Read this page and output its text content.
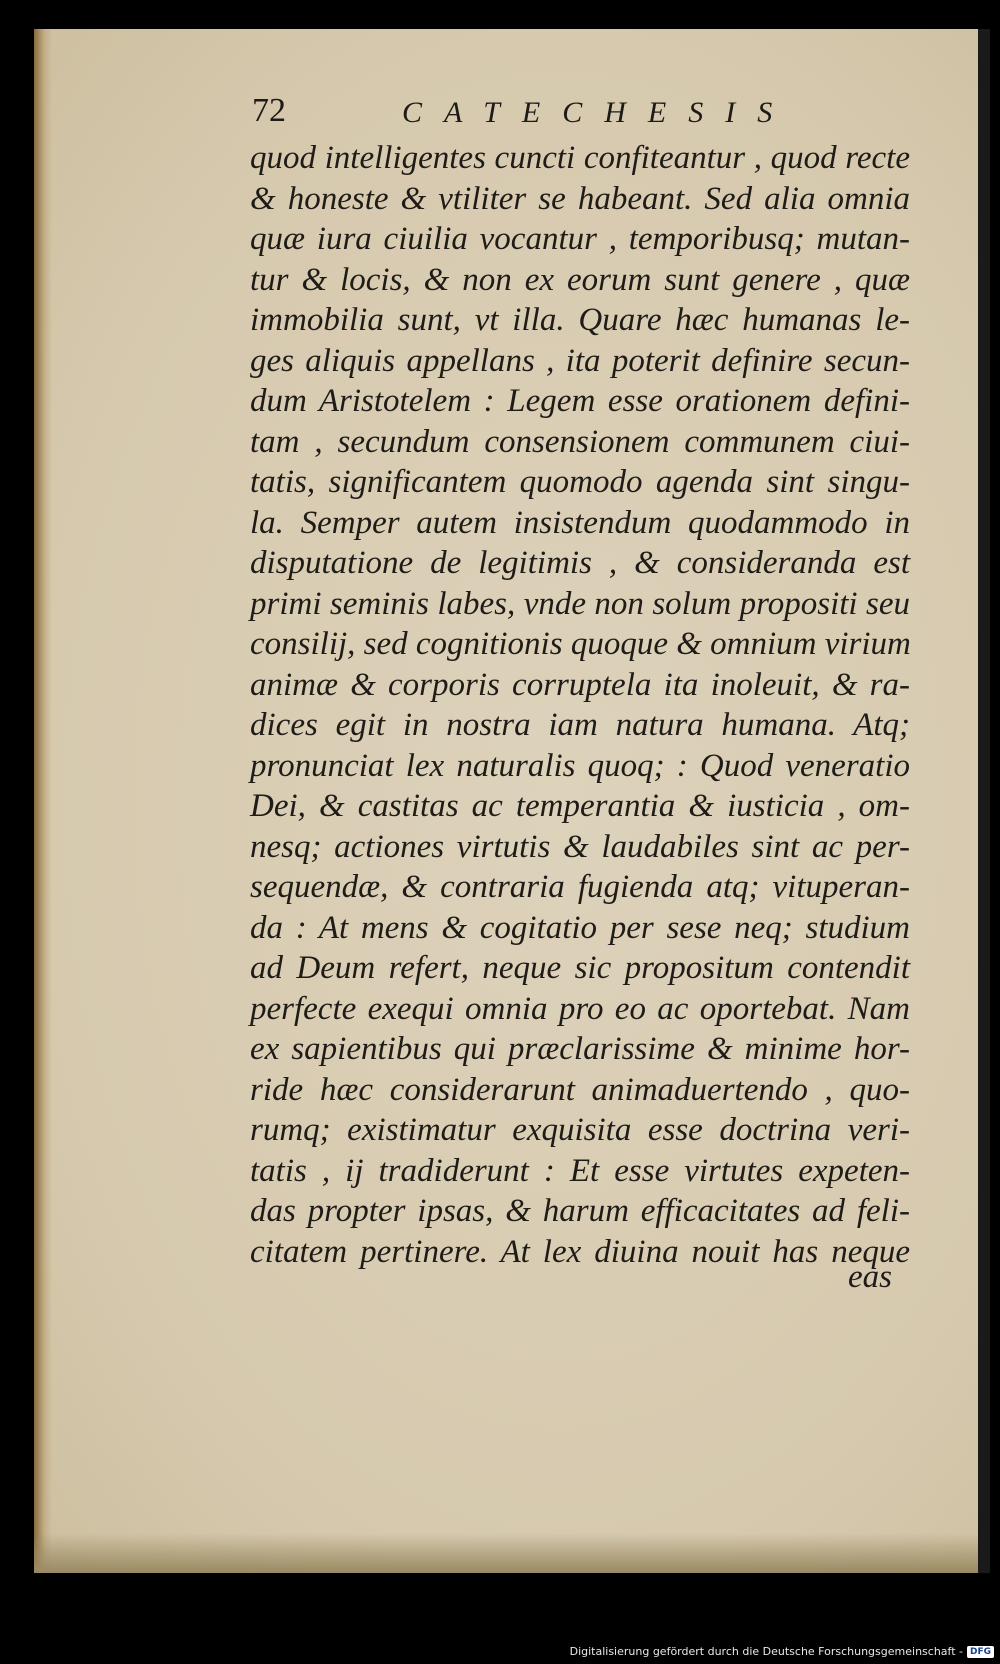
72	CATECHESIS
quod intelligentes cuncti confiteantur , quod recte
& honeste & vtiliter se habeant. Sed alia omnia
quæ iura ciuilia vocantur , temporibusq; mutan-
tur & locis, & non ex eorum sunt genere , quæ
immobilia sunt, vt illa. Quare hæc humanas le-
ges aliquis appellans , ita poterit definire secun-
dum Aristotelem : Legem esse orationem defini-
tam , secundum consensionem communem ciui-
tatis, significantem quomodo agenda sint singu-
la. Semper autem insistendum quodammodo in
disputatione de legitimis , & consideranda est
primi seminis labes, vnde non solum propositi seu
consilij, sed cognitionis quoque & omnium virium
animæ & corporis corruptela ita inoleuit, & ra-
dices egit in nostra iam natura humana. Atq;
pronunciat lex naturalis quoq; : Quod veneratio
Dei, & castitas ac temperantia & iusticia , om-
nesq; actiones virtutis & laudabiles sint ac per-
sequendæ, & contraria fugienda atq; vituperan-
da : At mens & cogitatio per sese neq; studium
ad Deum refert, neque sic propositum contendit
perfecte exequi omnia pro eo ac oportebat. Nam
ex sapientibus qui præclarissime & minime hor-
ride hæc considerarunt animaduertendo , quo-
rumq; existimatur exquisita esse doctrina veri-
tatis , ij tradiderunt : Et esse virtutes expeten-
das propter ipsas, & harum efficacitates ad feli-
citatem pertinere. At lex diuina nouit has neque
eas
Digitalisierung gefördert durch die Deutsche Forschungsgemeinschaft - DFG
